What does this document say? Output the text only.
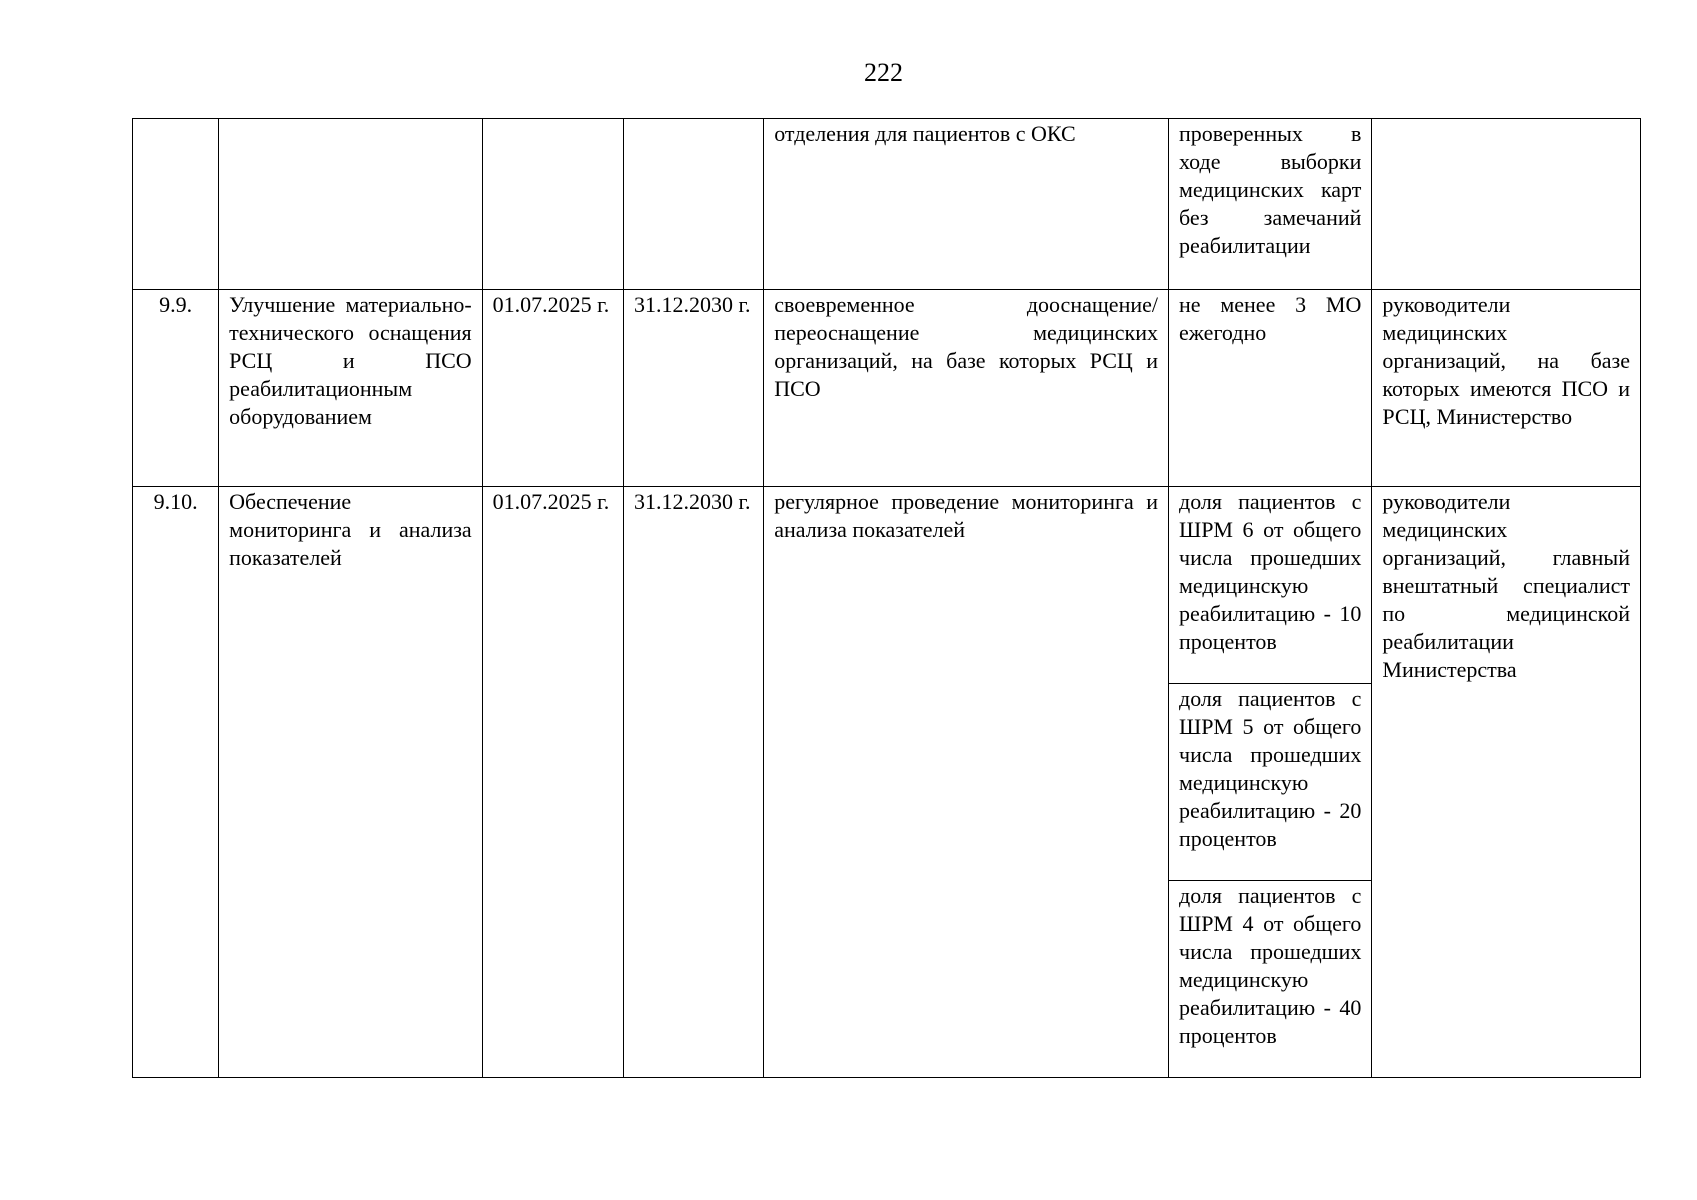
222
				отделения для пациентов с ОКС	проверенных в ходе выборки медицинских карт без замечаний реабилитации	
9.9.	Улучшение материально-технического оснащения РСЦ и ПСО реабилитационным оборудованием	01.07.2025 г.	31.12.2030 г.	своевременное дооснащение/переоснащение медицинских организаций, на базе которых РСЦ и ПСО	не менее 3 МО ежегодно	руководители медицинских организаций, на базе которых имеются ПСО и РСЦ, Министерство
9.10.	Обеспечение мониторинга и анализа показателей	01.07.2025 г.	31.12.2030 г.	регулярное проведение мониторинга и анализа показателей	доля пациентов с ШРМ 6 от общего числа прошедших медицинскую реабилитацию - 10 процентов	руководители медицинских организаций, главный внештатный специалист по медицинской реабилитации Министерства
					доля пациентов с ШРМ 5 от общего числа прошедших медицинскую реабилитацию - 20 процентов	
					доля пациентов с ШРМ 4 от общего числа прошедших медицинскую реабилитацию - 40 процентов	
